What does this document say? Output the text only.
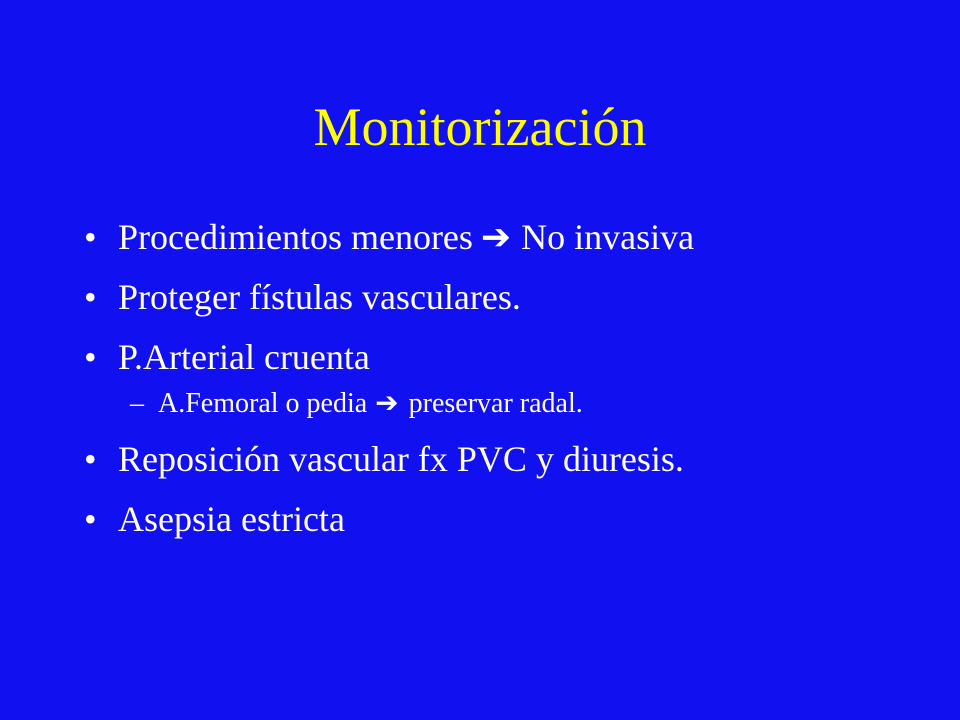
Monitorización
• Procedimientos menores ➔ No invasiva
• Proteger fístulas vasculares.
• P.Arterial cruenta
– A.Femoral o pedia ➔ preservar radal.
• Reposición vascular fx PVC y diuresis.
• Asepsia estricta
